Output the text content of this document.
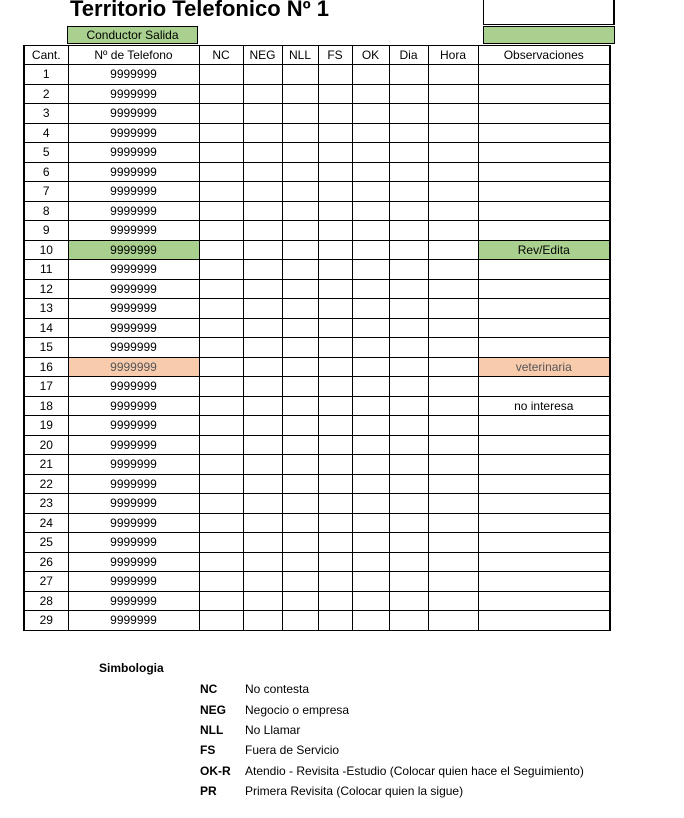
Territorio Telefonico Nº 1
Conductor Salida
Cant.	Nº de Telefono	NC	NEG	NLL	FS	OK	Dia	Hora	Observaciones
1	9999999								
2	9999999								
3	9999999								
4	9999999								
5	9999999								
6	9999999								
7	9999999								
8	9999999								
9	9999999								
10	9999999								Rev/Edita
11	9999999								
12	9999999								
13	9999999								
14	9999999								
15	9999999								
16	9999999								veterinaria
17	9999999								
18	9999999								no interesa
19	9999999								
20	9999999								
21	9999999								
22	9999999								
23	9999999								
24	9999999								
25	9999999								
26	9999999								
27	9999999								
28	9999999								
29	9999999								
Simbologia
NC No contesta
NEG Negocio o empresa
NLL No Llamar
FS Fuera de Servicio
OK-R Atendio - Revisita -Estudio (Colocar quien hace el Seguimiento)
PR Primera Revisita (Colocar quien la sigue)
